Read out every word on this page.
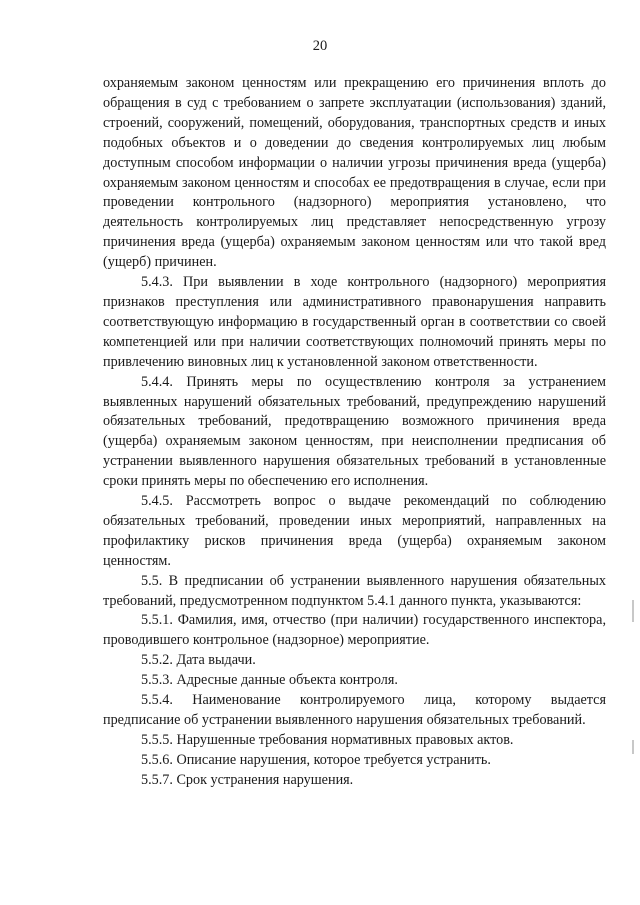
20

охраняемым законом ценностям или прекращению его причинения вплоть до обращения в суд с требованием о запрете эксплуатации (использования) зданий, строений, сооружений, помещений, оборудования, транспортных средств и иных подобных объектов и о доведении до сведения контролируемых лиц любым доступным способом информации о наличии угрозы причинения вреда (ущерба) охраняемым законом ценностям и способах ее предотвращения в случае, если при проведении контрольного (надзорного) мероприятия установлено, что деятельность контролируемых лиц представляет непосредственную угрозу причинения вреда (ущерба) охраняемым законом ценностям или что такой вред (ущерб) причинен.

5.4.3. При выявлении в ходе контрольного (надзорного) мероприятия признаков преступления или административного правонарушения направить соответствующую информацию в государственный орган в соответствии со своей компетенцией или при наличии соответствующих полномочий принять меры по привлечению виновных лиц к установленной законом ответственности.

5.4.4. Принять меры по осуществлению контроля за устранением выявленных нарушений обязательных требований, предупреждению нарушений обязательных требований, предотвращению возможного причинения вреда (ущерба) охраняемым законом ценностям, при неисполнении предписания об устранении выявленного нарушения обязательных требований в установленные сроки принять меры по обеспечению его исполнения.

5.4.5. Рассмотреть вопрос о выдаче рекомендаций по соблюдению обязательных требований, проведении иных мероприятий, направленных на профилактику рисков причинения вреда (ущерба) охраняемым законом ценностям.

5.5. В предписании об устранении выявленного нарушения обязательных требований, предусмотренном подпунктом 5.4.1 данного пункта, указываются:

5.5.1. Фамилия, имя, отчество (при наличии) государственного инспектора, проводившего контрольное (надзорное) мероприятие.

5.5.2. Дата выдачи.

5.5.3. Адресные данные объекта контроля.

5.5.4. Наименование контролируемого лица, которому выдается предписание об устранении выявленного нарушения обязательных требований.

5.5.5. Нарушенные требования нормативных правовых актов.

5.5.6. Описание нарушения, которое требуется устранить.

5.5.7. Срок устранения нарушения.
